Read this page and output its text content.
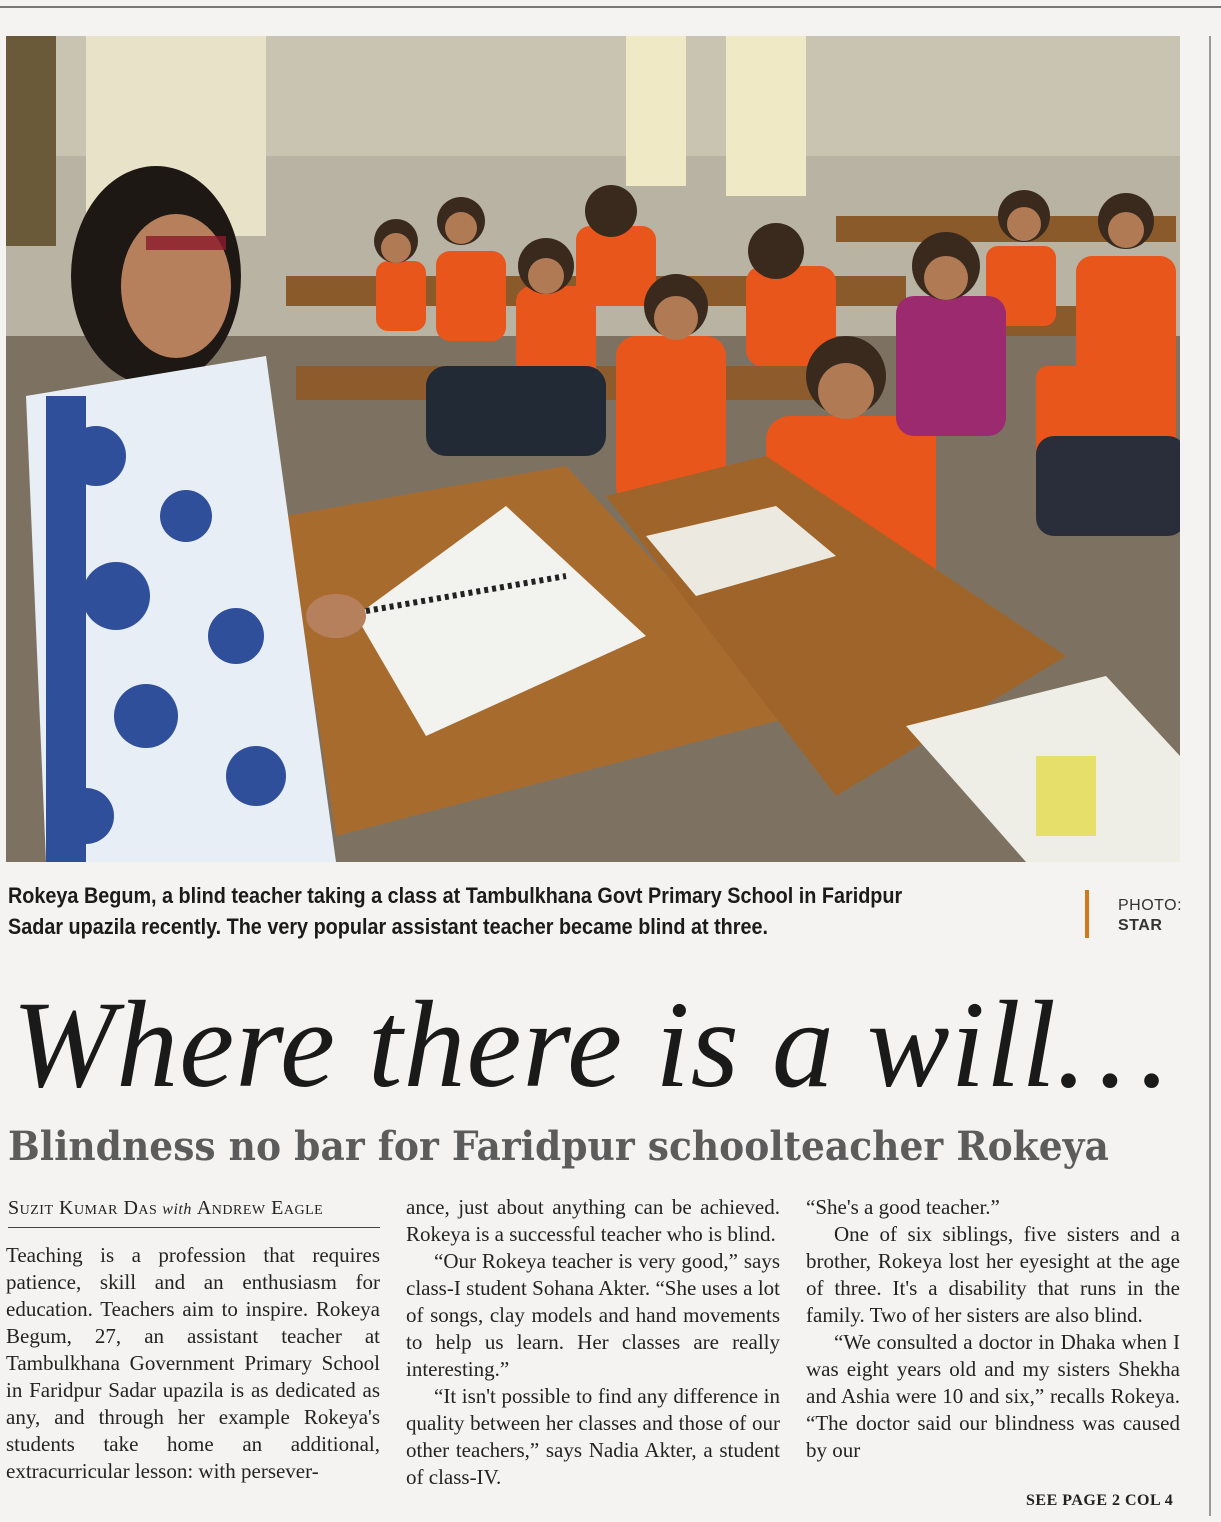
Rokeya Begum, a blind teacher taking a class at Tambulkhana Govt Primary School in Faridpur Sadar upazila recently. The very popular assistant teacher became blind at three.
PHOTO:
STAR
Where there is a will…
Blindness no bar for Faridpur schoolteacher Rokeya
Suzit Kumar Das with Andrew Eagle

Teaching is a profession that requires patience, skill and an enthusiasm for education. Teachers aim to inspire. Rokeya Begum, 27, an assistant teacher at Tambulkhana Government Primary School in Faridpur Sadar upazila is as dedicated as any, and through her example Rokeya's students take home an additional, extracurricular lesson: with persever-

ance, just about anything can be achieved. Rokeya is a successful teacher who is blind.

“Our Rokeya teacher is very good,” says class-I student Sohana Akter. “She uses a lot of songs, clay models and hand movements to help us learn. Her classes are really interesting.”

“It isn't possible to find any difference in quality between her classes and those of our other teachers,” says Nadia Akter, a student of class-IV.

“She's a good teacher.”

One of six siblings, five sisters and a brother, Rokeya lost her eyesight at the age of three. It's a disability that runs in the family. Two of her sisters are also blind.

“We consulted a doctor in Dhaka when I was eight years old and my sisters Shekha and Ashia were 10 and six,” recalls Rokeya. “The doctor said our blindness was caused by our

SEE PAGE 2 COL 4
